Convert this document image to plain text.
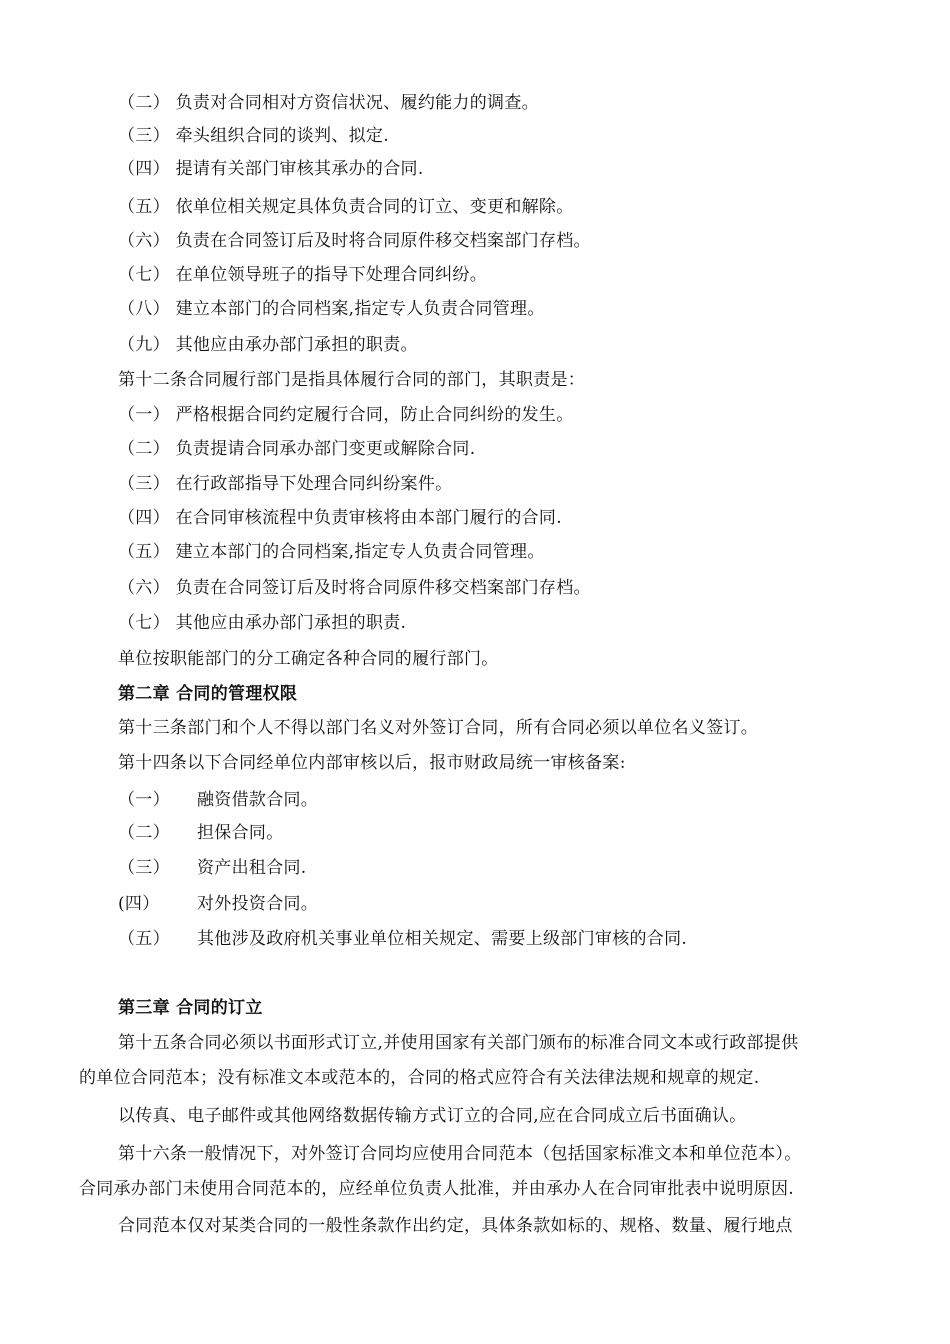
（二） 负责对合同相对方资信状况、履约能力的调查。
（三） 牵头组织合同的谈判、拟定.
（四） 提请有关部门审核其承办的合同.
（五） 依单位相关规定具体负责合同的订立、变更和解除。
（六） 负责在合同签订后及时将合同原件移交档案部门存档。
（七） 在单位领导班子的指导下处理合同纠纷。
（八） 建立本部门的合同档案,指定专人负责合同管理。
（九） 其他应由承办部门承担的职责。
第十二条合同履行部门是指具体履行合同的部门，其职责是：
（一） 严格根据合同约定履行合同，防止合同纠纷的发生。
（二） 负责提请合同承办部门变更或解除合同.
（三） 在行政部指导下处理合同纠纷案件。
（四） 在合同审核流程中负责审核将由本部门履行的合同.
（五） 建立本部门的合同档案,指定专人负责合同管理。
（六） 负责在合同签订后及时将合同原件移交档案部门存档。
（七） 其他应由承办部门承担的职责.
单位按职能部门的分工确定各种合同的履行部门。
第二章 合同的管理权限
第十三条部门和个人不得以部门名义对外签订合同，所有合同必须以单位名义签订。
第十四条以下合同经单位内部审核以后，报市财政局统一审核备案:
（一） 融资借款合同。
（二） 担保合同。
（三） 资产出租合同.
(四） 对外投资合同。
（五） 其他涉及政府机关事业单位相关规定、需要上级部门审核的合同.
第三章 合同的订立
第十五条合同必须以书面形式订立,并使用国家有关部门颁布的标准合同文本或行政部提供
的单位合同范本；没有标准文本或范本的，合同的格式应符合有关法律法规和规章的规定.
以传真、电子邮件或其他网络数据传输方式订立的合同,应在合同成立后书面确认。
第十六条一般情况下，对外签订合同均应使用合同范本（包括国家标准文本和单位范本）。
合同承办部门未使用合同范本的，应经单位负责人批准，并由承办人在合同审批表中说明原因.
合同范本仅对某类合同的一般性条款作出约定，具体条款如标的、规格、数量、履行地点
